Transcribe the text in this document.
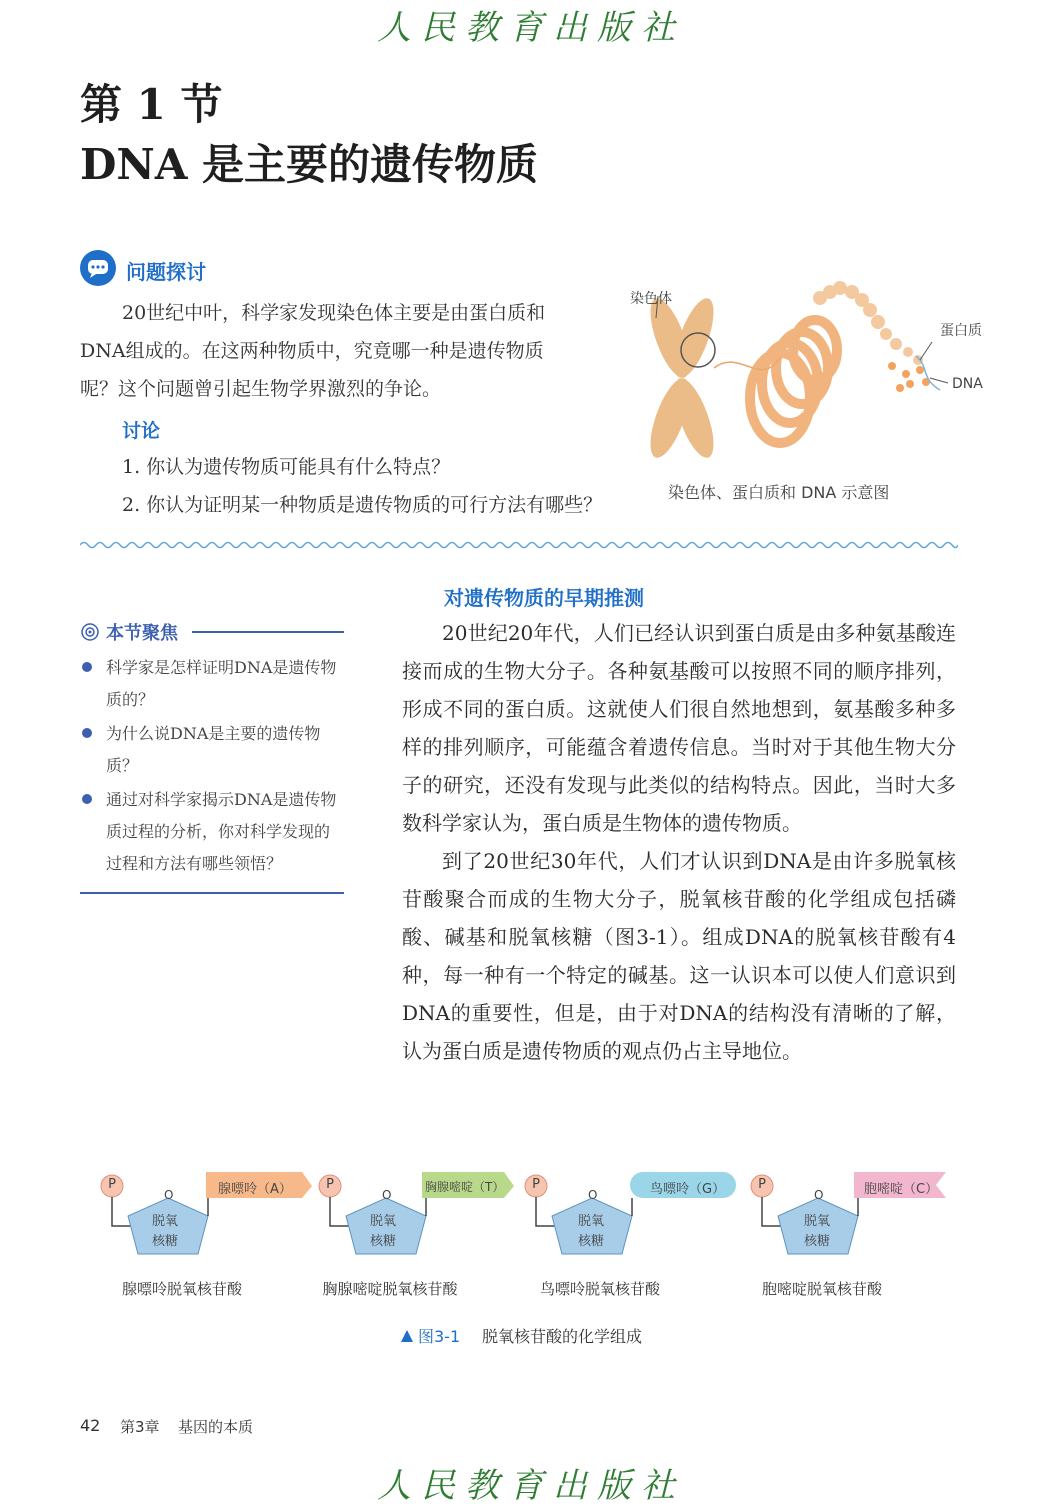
人民教育出版社
第 1 节
DNA 是主要的遗传物质
问题探讨
20世纪中叶，科学家发现染色体主要是由蛋白质和
DNA组成的。在这两种物质中，究竟哪一种是遗传物质
呢？这个问题曾引起生物学界激烈的争论。
讨论
1. 你认为遗传物质可能具有什么特点？
2. 你认为证明某一种物质是遗传物质的可行方法有哪些？
染色体
蛋白质
DNA
染色体、蛋白质和 DNA 示意图
本节聚焦
科学家是怎样证明DNA是遗传物质的？
为什么说DNA是主要的遗传物质？
通过对科学家揭示DNA是遗传物质过程的分析，你对科学发现的过程和方法有哪些领悟？
对遗传物质的早期推测

20世纪20年代，人们已经认识到蛋白质是由多种氨基酸连接而成的生物大分子。各种氨基酸可以按照不同的顺序排列，形成不同的蛋白质。这就使人们很自然地想到，氨基酸多种多样的排列顺序，可能蕴含着遗传信息。当时对于其他生物大分子的研究，还没有发现与此类似的结构特点。因此，当时大多数科学家认为，蛋白质是生物体的遗传物质。

到了20世纪30年代，人们才认识到DNA是由许多脱氧核苷酸聚合而成的生物大分子，脱氧核苷酸的化学组成包括磷酸、碱基和脱氧核糖（图3-1）。组成DNA的脱氧核苷酸有4种，每一种有一个特定的碱基。这一认识本可以使人们意识到DNA的重要性，但是，由于对DNA的结构没有清晰的了解，认为蛋白质是遗传物质的观点仍占主导地位。

P
O
脱氧
核糖
腺嘌呤（A）	P
O
脱氧
核糖
胸腺嘧啶（T） P
O
脱氧
核糖
鸟嘌呤（G）	P
O
脱氧
核糖
胞嘧啶（C）
腺嘌呤脱氧核苷酸	胸腺嘧啶脱氧核苷酸	鸟嘌呤脱氧核苷酸	胞嘧啶脱氧核苷酸
图3-1 脱氧核苷酸的化学组成
42 第3章 基因的本质
人民教育出版社
